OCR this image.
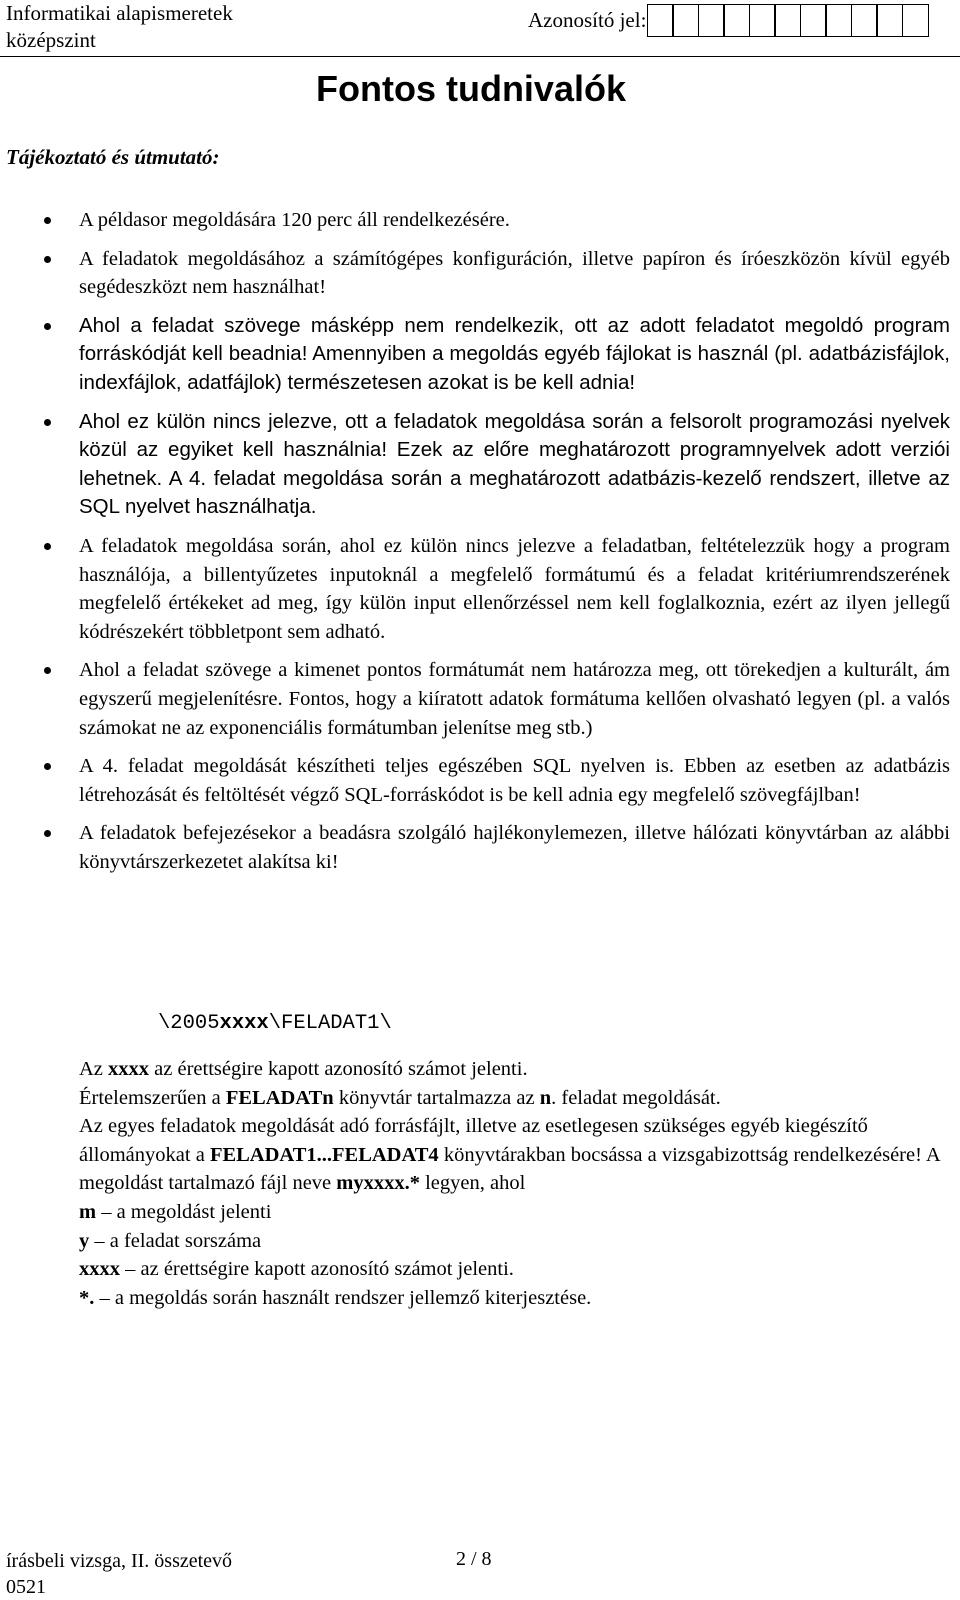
Informatikai alapismeretek
középszint
Azonosító jel:
Fontos tudnivalók
Tájékoztató és útmutató:
A példasor megoldására 120 perc áll rendelkezésére.
A feladatok megoldásához a számítógépes konfiguráción, illetve papíron és íróeszközön kívül egyéb segédeszközt nem használhat!
Ahol a feladat szövege másképp nem rendelkezik, ott az adott feladatot megoldó program forráskódját kell beadnia! Amennyiben a megoldás egyéb fájlokat is használ (pl. adatbázisfájlok, indexfájlok, adatfájlok) természetesen azokat is be kell adnia!
Ahol ez külön nincs jelezve, ott a feladatok megoldása során a felsorolt programozási nyelvek közül az egyiket kell használnia! Ezek az előre meghatározott programnyelvek adott verziói lehetnek. A 4. feladat megoldása során a meghatározott adatbázis-kezelő rendszert, illetve az SQL nyelvet használhatja.
A feladatok megoldása során, ahol ez külön nincs jelezve a feladatban, feltételezzük hogy a program használója, a billentyűzetes inputoknál a megfelelő formátumú és a feladat kritériumrendszerének megfelelő értékeket ad meg, így külön input ellenőrzéssel nem kell foglalkoznia, ezért az ilyen jellegű kódrészekért többletpont sem adható.
Ahol a feladat szövege a kimenet pontos formátumát nem határozza meg, ott törekedjen a kulturált, ám egyszerű megjelenítésre. Fontos, hogy a kiíratott adatok formátuma kellően olvasható legyen (pl. a valós számokat ne az exponenciális formátumban jelenítse meg stb.)
A 4. feladat megoldását készítheti teljes egészében SQL nyelven is. Ebben az esetben az adatbázis létrehozását és feltöltését végző SQL-forráskódot is be kell adnia egy megfelelő szövegfájlban!
A feladatok befejezésekor a beadásra szolgáló hajlékonylemezen, illetve hálózati könyvtárban az alábbi könyvtárszerkezetet alakítsa ki!
\2005xxxx\FELADAT1\

Az xxxx az érettségire kapott azonosító számot jelenti.

Értelemszerűen a FELADATn könyvtár tartalmazza az n. feladat megoldását.

Az egyes feladatok megoldását adó forrásfájlt, illetve az esetlegesen szükséges egyéb kiegészítő állományokat a FELADAT1...FELADAT4 könyvtárakban bocsássa a vizsgabizottság rendelkezésére! A megoldást tartalmazó fájl neve myxxxx.* legyen, ahol

m – a megoldást jelenti

y – a feladat sorszáma

xxxx – az érettségire kapott azonosító számot jelenti.

*. – a megoldás során használt rendszer jellemző kiterjesztése.

írásbeli vizsga, II. összetevő
0521
2 / 8
